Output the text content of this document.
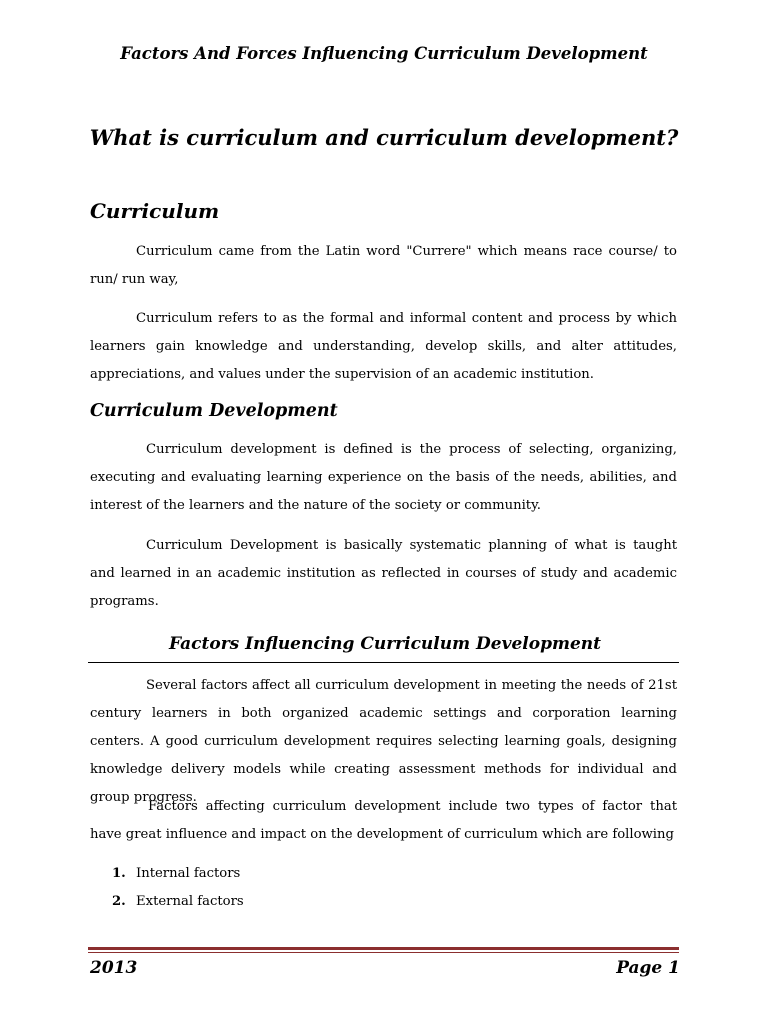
Factors And Forces Influencing Curriculum Development
What is curriculum and curriculum development?
Curriculum
Curriculum came from the Latin word "Currere" which means race course/ to run/ run way,
Curriculum refers to as the formal and informal content and process by which learners gain knowledge and understanding, develop skills, and alter attitudes, appreciations, and values under the supervision of an academic institution.
Curriculum Development
Curriculum development is defined is the process of selecting, organizing, executing and evaluating learning experience on the basis of the needs, abilities, and interest of the learners and the nature of the society or community.
Curriculum Development is basically systematic planning of what is taught and learned in an academic institution as reflected in courses of study and academic programs.
Factors Influencing Curriculum Development
Several factors affect all curriculum development in meeting the needs of 21st century learners in both organized academic settings and corporation learning centers. A good curriculum development requires selecting learning goals, designing knowledge delivery models while creating assessment methods for individual and group progress.
Factors affecting curriculum development include two types of factor that have great influence and impact on the development of curriculum which are following
1. Internal factors
2. External factors
2013	Page 1
